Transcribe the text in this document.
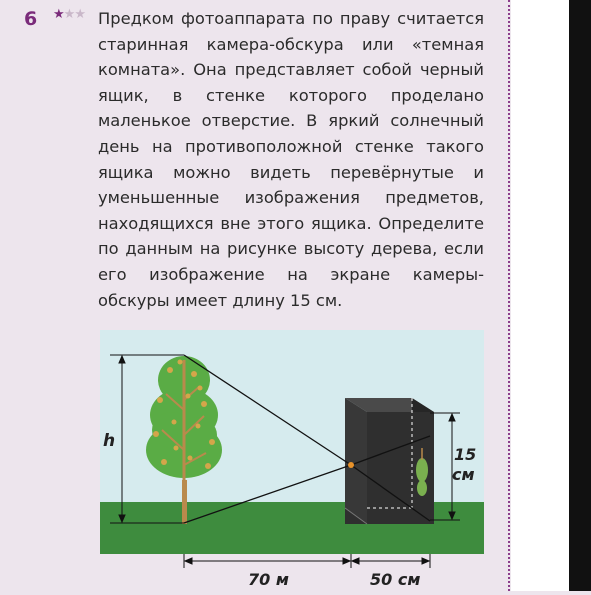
6 ★★★ Предком фотоаппарата по праву считается старинная камера-обскура или «темная комната». Она представляет собой черный ящик, в стенке которого проделано маленькое отверстие. В яркий солнечный день на противоположной стенке такого ящика можно видеть перевёрнутые и уменьшенные изображения предметов, находящихся вне этого ящика. Определите по данным на рисунке высоту дерева, если его изображение на экране камеры-обскуры имеет длину 15 см.
h
15
см
70 м	50 см
